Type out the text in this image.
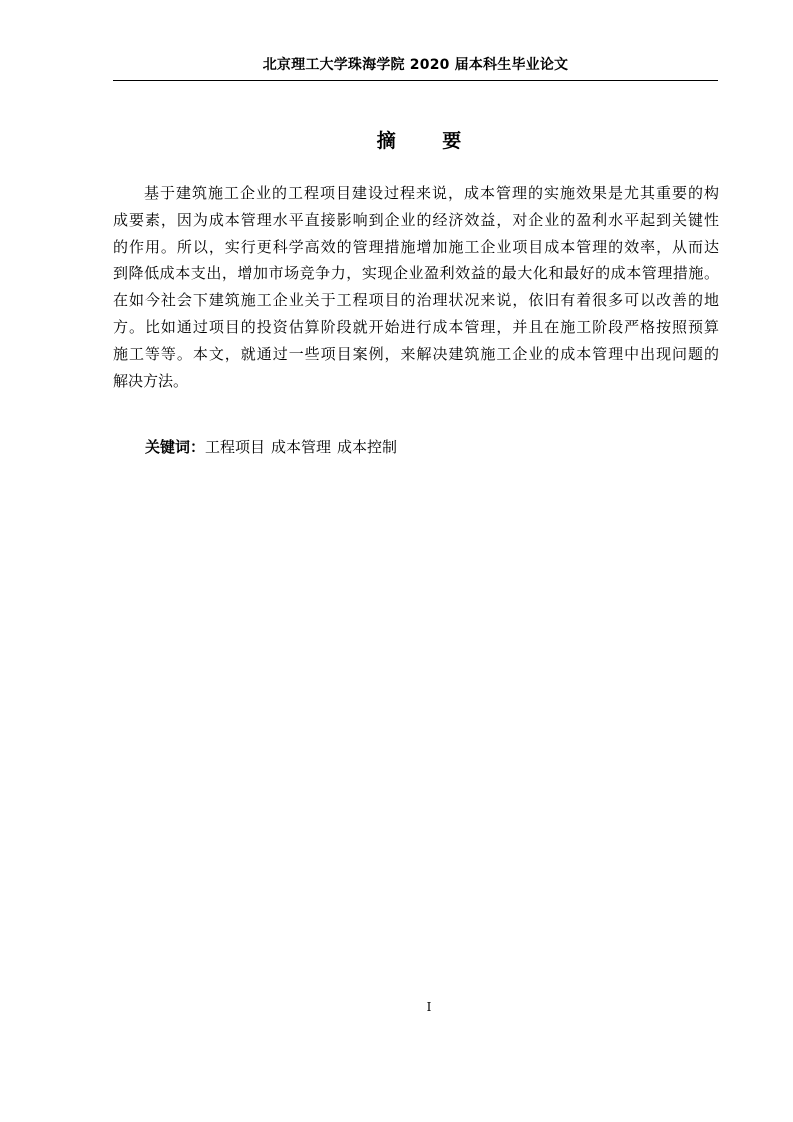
北京理工大学珠海学院 2020 届本科生毕业论文
摘 要
基于建筑施工企业的工程项目建设过程来说，成本管理的实施效果是尤其重要的构
成要素，因为成本管理水平直接影响到企业的经济效益，对企业的盈利水平起到关键性
的作用。所以，实行更科学高效的管理措施增加施工企业项目成本管理的效率，从而达
到降低成本支出，增加市场竞争力，实现企业盈利效益的最大化和最好的成本管理措施。
在如今社会下建筑施工企业关于工程项目的治理状况来说，依旧有着很多可以改善的地
方。比如通过项目的投资估算阶段就开始进行成本管理，并且在施工阶段严格按照预算
施工等等。本文，就通过一些项目案例，来解决建筑施工企业的成本管理中出现问题的
解决方法。
关键词：工程项目 成本管理 成本控制
I
